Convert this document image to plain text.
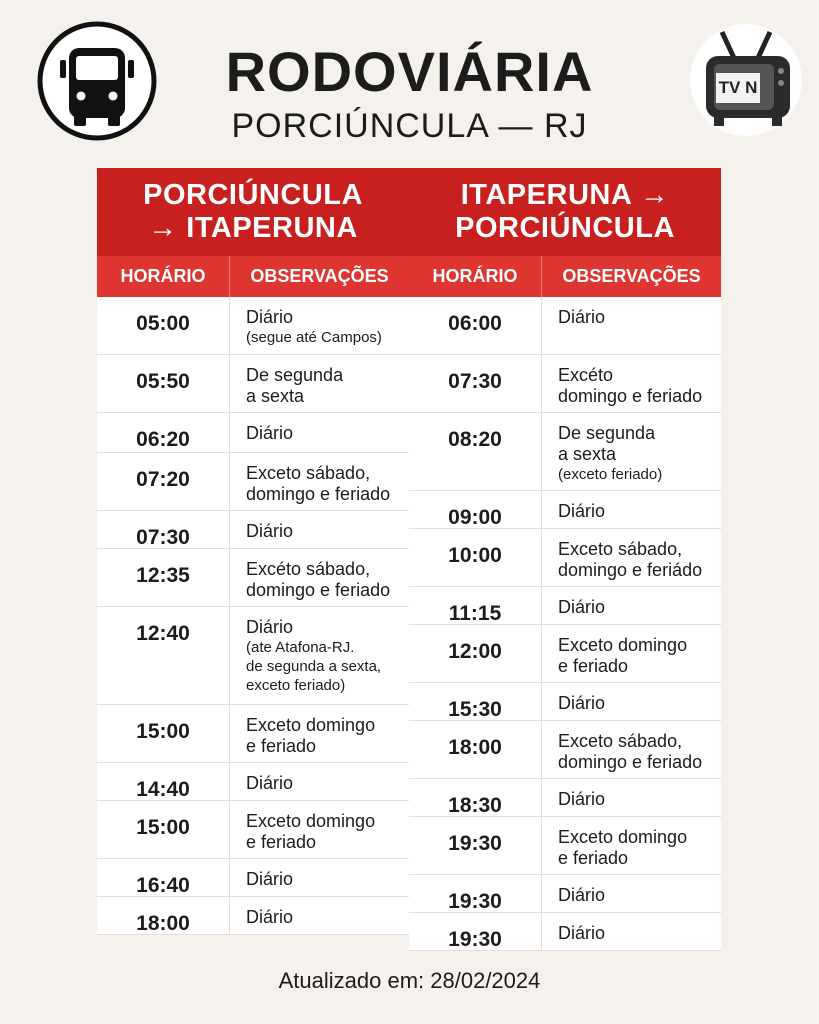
TV N
RODOVIÁRIA
PORCIÚNCULA — RJ
PORCIÚNCULA
→ ITAPERUNA
HORÁRIO	OBSERVAÇÕES
05:00	Diário
(segue até Campos)
05:50	De segunda
a sexta
06:20	Diário
07:20	Exceto sábado,
domingo e feriado
07:30	Diário
12:35	Excéto sábado,
domingo e feriado
12:40	Diário
(ate Atafona-RJ.
de segunda a sexta,
exceto feriado)
15:00	Exceto domingo
e feriado
14:40	Diário
15:00	Exceto domingo
e feriado
16:40	Diário
18:00	Diário
ITAPERUNA →
PORCIÚNCULA
HORÁRIO	OBSERVAÇÕES
06:00	Diário
07:30	Excéto
domingo e feriado
08:20	De segunda
a sexta
(exceto feriado)
09:00	Diário
10:00	Exceto sábado,
domingo e feriádo
11:15	Diário
12:00	Exceto domingo
e feriado
15:30	Diário
18:00	Exceto sábado,
domingo e feriado
18:30	Diário
19:30	Exceto domingo
e feriado
19:30	Diário
19:30	Diário
Atualizado em: 28/02/2024
